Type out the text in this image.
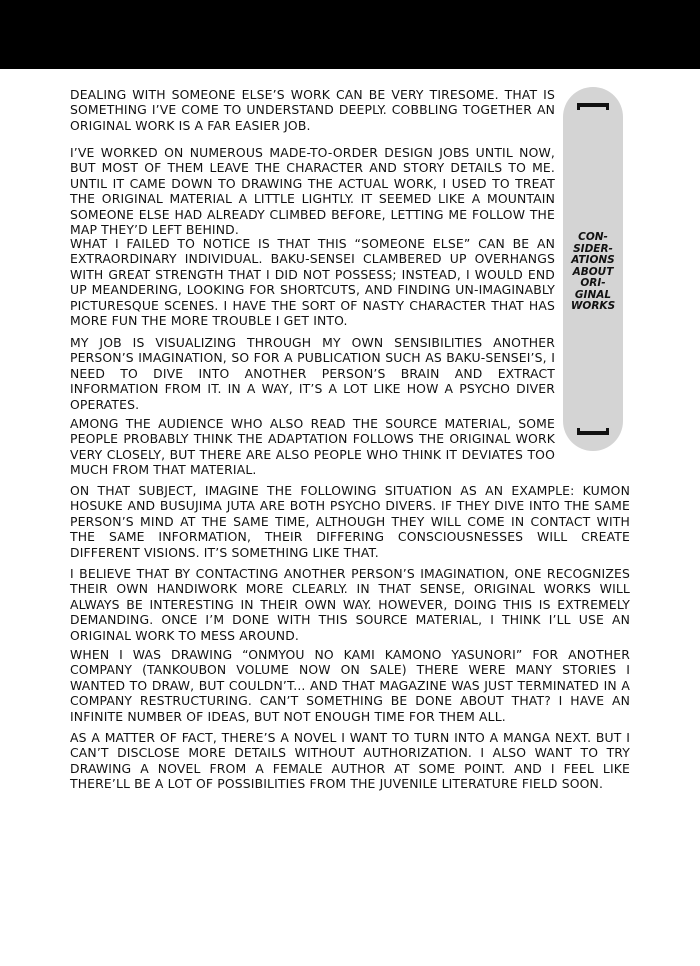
CON-
SIDER-
ATIONS
ABOUT
ORI-
GINAL
WORKS

DEALING WITH SOMEONE ELSE’S WORK CAN BE VERY TIRESOME. THAT IS SOMETHING I’VE COME TO UNDERSTAND DEEPLY. COBBLING TOGETHER AN ORIGINAL WORK IS A FAR EASIER JOB.

I’VE WORKED ON NUMEROUS MADE-TO-ORDER DESIGN JOBS UNTIL NOW, BUT MOST OF THEM LEAVE THE CHARACTER AND STORY DETAILS TO ME. UNTIL IT CAME DOWN TO DRAWING THE ACTUAL WORK, I USED TO TREAT THE ORIGINAL MATERIAL A LITTLE LIGHTLY. IT SEEMED LIKE A MOUNTAIN SOMEONE ELSE HAD ALREADY CLIMBED BEFORE, LETTING ME FOLLOW THE MAP THEY’D LEFT BEHIND.

WHAT I FAILED TO NOTICE IS THAT THIS “SOMEONE ELSE” CAN BE AN EXTRAORDINARY INDIVIDUAL. BAKU-SENSEI CLAMBERED UP OVERHANGS WITH GREAT STRENGTH THAT I DID NOT POSSESS; INSTEAD, I WOULD END UP MEANDERING, LOOKING FOR SHORTCUTS, AND FINDING UN-IMAGINABLY PICTURESQUE SCENES. I HAVE THE SORT OF NASTY CHARACTER THAT HAS MORE FUN THE MORE TROUBLE I GET INTO.

MY JOB IS VISUALIZING THROUGH MY OWN SENSIBILITIES ANOTHER PERSON’S IMAGINATION, SO FOR A PUBLICATION SUCH AS BAKU-SENSEI’S, I NEED TO DIVE INTO ANOTHER PERSON’S BRAIN AND EXTRACT INFORMATION FROM IT. IN A WAY, IT’S A LOT LIKE HOW A PSYCHO DIVER OPERATES.

AMONG THE AUDIENCE WHO ALSO READ THE SOURCE MATERIAL, SOME PEOPLE PROBABLY THINK THE ADAPTATION FOLLOWS THE ORIGINAL WORK VERY CLOSELY, BUT THERE ARE ALSO PEOPLE WHO THINK IT DEVIATES TOO MUCH FROM THAT MATERIAL.

ON THAT SUBJECT, IMAGINE THE FOLLOWING SITUATION AS AN EXAMPLE: KUMON HOSUKE AND BUSUJIMA JUTA ARE BOTH PSYCHO DIVERS. IF THEY DIVE INTO THE SAME PERSON’S MIND AT THE SAME TIME, ALTHOUGH THEY WILL COME IN CONTACT WITH THE SAME INFORMATION, THEIR DIFFERING CONSCIOUSNESSES WILL CREATE DIFFERENT VISIONS. IT’S SOMETHING LIKE THAT.

I BELIEVE THAT BY CONTACTING ANOTHER PERSON’S IMAGINATION, ONE RECOGNIZES THEIR OWN HANDIWORK MORE CLEARLY. IN THAT SENSE, ORIGINAL WORKS WILL ALWAYS BE INTERESTING IN THEIR OWN WAY. HOWEVER, DOING THIS IS EXTREMELY DEMANDING. ONCE I’M DONE WITH THIS SOURCE MATERIAL, I THINK I’LL USE AN ORIGINAL WORK TO MESS AROUND.

WHEN I WAS DRAWING “ONMYOU NO KAMI KAMONO YASUNORI” FOR ANOTHER COMPANY (TANKOUBON VOLUME NOW ON SALE) THERE WERE MANY STORIES I WANTED TO DRAW, BUT COULDN’T... AND THAT MAGAZINE WAS JUST TERMINATED IN A COMPANY RESTRUCTURING. CAN’T SOMETHING BE DONE ABOUT THAT? I HAVE AN INFINITE NUMBER OF IDEAS, BUT NOT ENOUGH TIME FOR THEM ALL.

AS A MATTER OF FACT, THERE’S A NOVEL I WANT TO TURN INTO A MANGA NEXT. BUT I CAN’T DISCLOSE MORE DETAILS WITHOUT AUTHORIZATION. I ALSO WANT TO TRY DRAWING A NOVEL FROM A FEMALE AUTHOR AT SOME POINT. AND I FEEL LIKE THERE’LL BE A LOT OF POSSIBILITIES FROM THE JUVENILE LITERATURE FIELD SOON.
